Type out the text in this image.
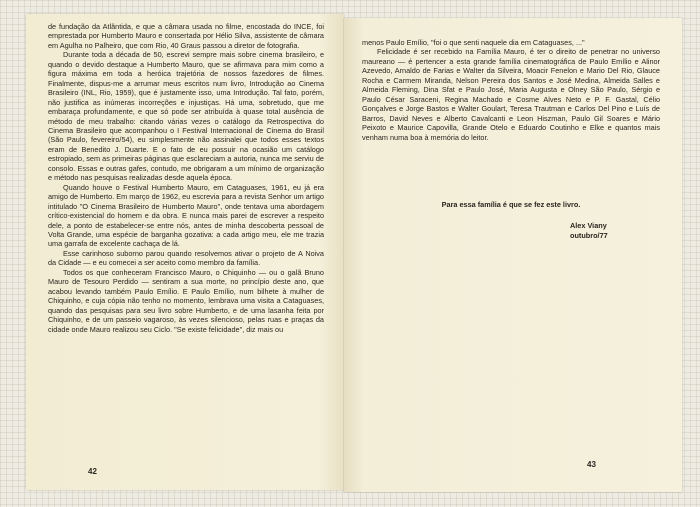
de fundação da Atlântida, e que a câmara usada no filme, encostada do INCE, foi emprestada por Humberto Mauro e consertada por Hélio Silva, assistente de câmara em Agulha no Palheiro, que com Rio, 40 Graus passou a diretor de fotografia.

Durante toda a década de 50, escrevi sempre mais sobre cinema brasileiro, e quando o devido destaque a Humberto Mauro, que se afirmava para mim como a figura máxima em toda a heróica trajetória de nossos fazedores de filmes. Finalmente, dispus-me a arrumar meus escritos num livro, Introdução ao Cinema Brasileiro (INL, Rio, 1959), que é justamente isso, uma Introdução. Tal fato, porém, não justifica as inúmeras incorreções e injustiças. Há uma, sobretudo, que me embaraça profundamente, e que só pode ser atribuída à quase total ausência de método de meu trabalho: citando várias vezes o catálogo da Retrospectiva do Cinema Brasileiro que acompanhou o I Festival Internacional de Cinema do Brasil (São Paulo, fevereiro/54), eu simplesmente não assinalei que todos esses textos eram de Benedito J. Duarte. E o fato de eu possuir na ocasião um catálogo estropiado, sem as primeiras páginas que esclareciam a autoria, nunca me serviu de consolo. Essas e outras gafes, contudo, me obrigaram a um mínimo de organização e método nas pesquisas realizadas desde aquela época.

Quando houve o Festival Humberto Mauro, em Cataguases, 1961, eu já era amigo de Humberto. Em março de 1962, eu escrevia para a revista Senhor um artigo intitulado "O Cinema Brasileiro de Humberto Mauro", onde tentava uma abordagem crítico-existencial do homem e da obra. E nunca mais parei de escrever a respeito dele, a ponto de estabelecer-se entre nós, antes de minha descoberta pessoal de Volta Grande, uma espécie de barganha gozativa: a cada artigo meu, ele me trazia uma garrafa de excelente cachaça de lá.

Esse carinhoso suborno parou quando resolvemos ativar o projeto de A Noiva da Cidade — e eu comecei a ser aceito como membro da família.

Todos os que conheceram Francisco Mauro, o Chiquinho — ou o galã Bruno Mauro de Tesouro Perdido — sentiram a sua morte, no princípio deste ano, que acabou levando também Paulo Emílio. E Paulo Emílio, num bilhete à mulher de Chiquinho, e cuja cópia não tenho no momento, lembrava uma visita a Cataguases, quando das pesquisas para seu livro sobre Humberto, e de uma lasanha feita por Chiquinho, e de um passeio vagaroso, às vezes silencioso, pelas ruas e praças da cidade onde Mauro realizou seu Ciclo. "Se existe felicidade", diz mais ou

menos Paulo Emílio, "foi o que senti naquele dia em Cataguases, ..."

Felicidade é ser recebido na Família Mauro, é ter o direito de penetrar no universo maureano — é pertencer a esta grande família cinematográfica de Paulo Emílio e Alinor Azevedo, Arnaldo de Farias e Walter da Silveira, Moacir Fenelon e Mario Del Rio, Glauce Rocha e Carmem Miranda, Nelson Pereira dos Santos e José Medina, Almeida Salles e Almeida Fleming, Dina Sfat e Paulo José, Maria Augusta e Olney São Paulo, Sérgio e Paulo César Saraceni, Regina Machado e Cosme Alves Neto e P. F. Gastal, Célio Gonçalves e Jorge Bastos e Walter Goulart, Teresa Trautman e Carlos Del Pino e Luís de Barros, David Neves e Alberto Cavalcanti e Leon Hiszman, Paulo Gil Soares e Mário Peixoto e Maurice Capovilla, Grande Otelo e Eduardo Coutinho e Elke e quantos mais venham numa boa à memória do leitor.

Para essa família é que se fez este livro.
Alex Viany
outubro/77
42
43
